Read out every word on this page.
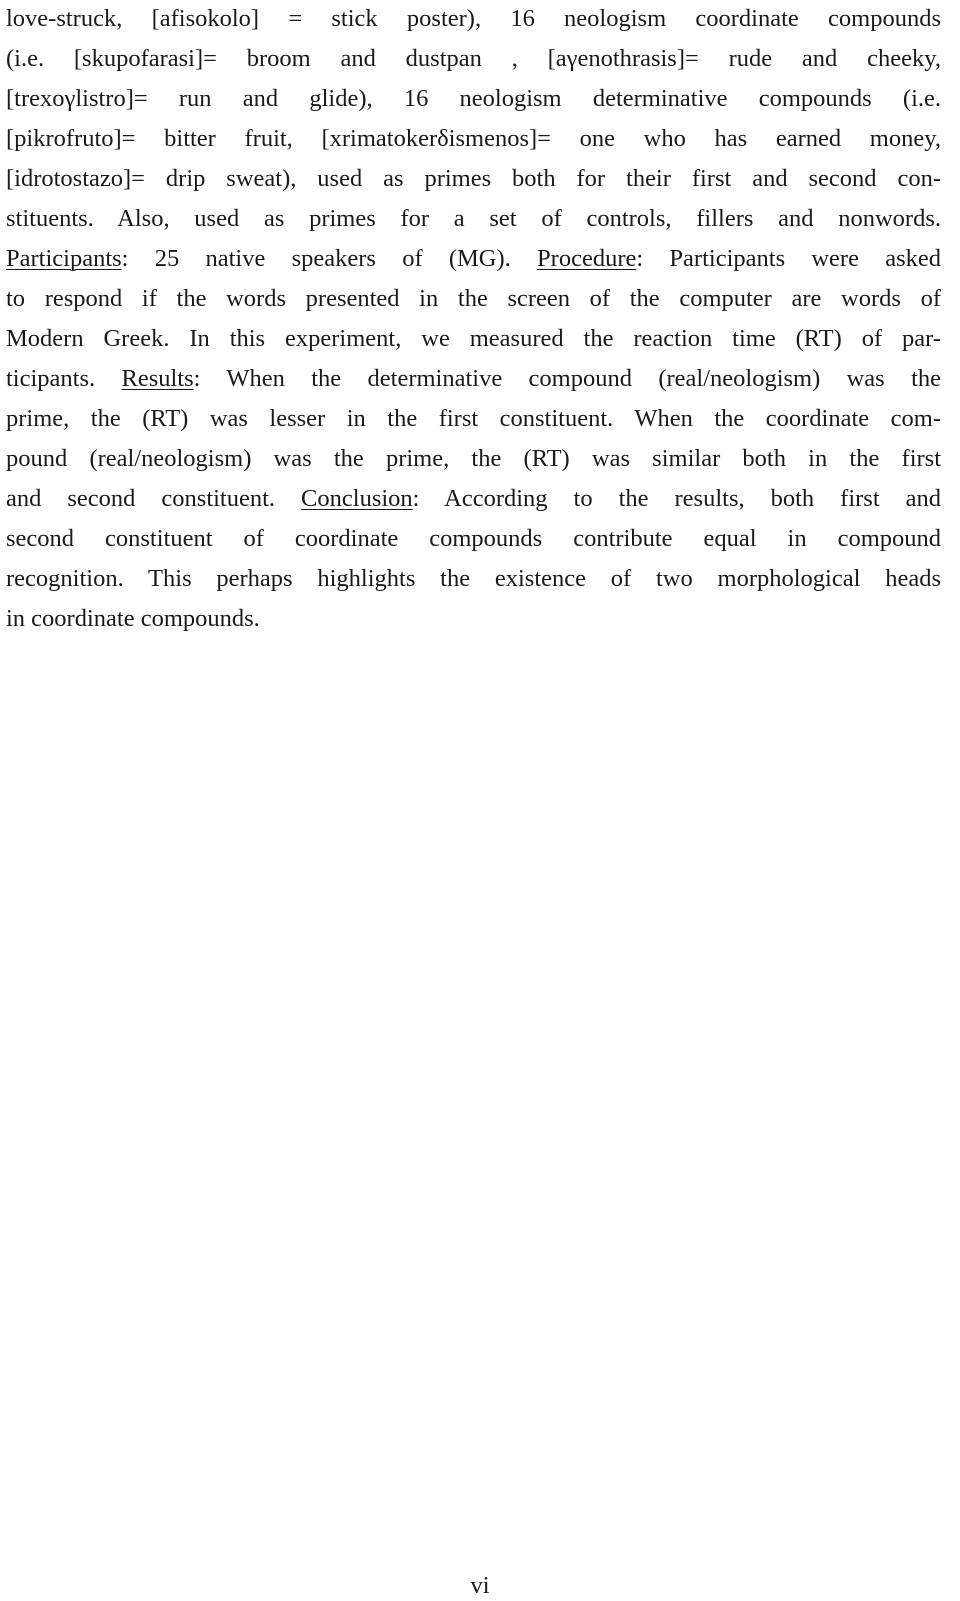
love-struck, [afisokolo] = stick poster), 16 neologism coordinate compounds
(i.e. [skupofarasi]= broom and dustpan , [aγenothrasis]= rude and cheeky,
[trexoγlistro]= run and glide), 16 neologism determinative compounds (i.e.
[pikrofruto]= bitter fruit, [xrimatokerδismenos]= one who has earned money,
[idrotostazo]= drip sweat), used as primes both for their first and second con-
stituents. Also, used as primes for a set of controls, fillers and nonwords.
Participants: 25 native speakers of (MG). Procedure: Participants were asked
to respond if the words presented in the screen of the computer are words of
Modern Greek. In this experiment, we measured the reaction time (RT) of par-
ticipants. Results: When the determinative compound (real/neologism) was the
prime, the (RT) was lesser in the first constituent. When the coordinate com-
pound (real/neologism) was the prime, the (RT) was similar both in the first
and second constituent. Conclusion: According to the results, both first and
second constituent of coordinate compounds contribute equal in compound
recognition. This perhaps highlights the existence of two morphological heads
in coordinate compounds.
vi
